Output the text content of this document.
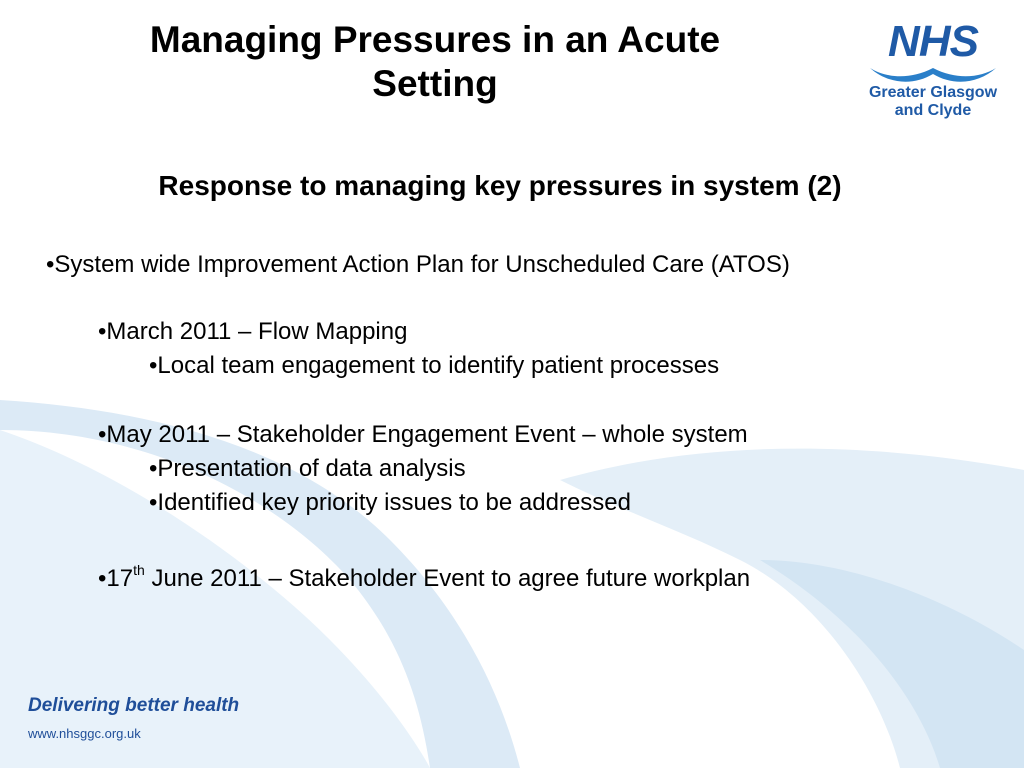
Managing Pressures in an Acute
Setting
Response to managing key pressures in system (2)
•System wide Improvement Action Plan for Unscheduled Care (ATOS)
•March 2011 – Flow Mapping
•Local team engagement to identify patient processes
•May 2011 – Stakeholder Engagement Event – whole system
•Presentation of data analysis
•Identified key priority issues to be addressed
•17th June 2011 – Stakeholder Event to agree future workplan
NHS
Greater Glasgow
and Clyde
Delivering better health
www.nhsggc.org.uk
